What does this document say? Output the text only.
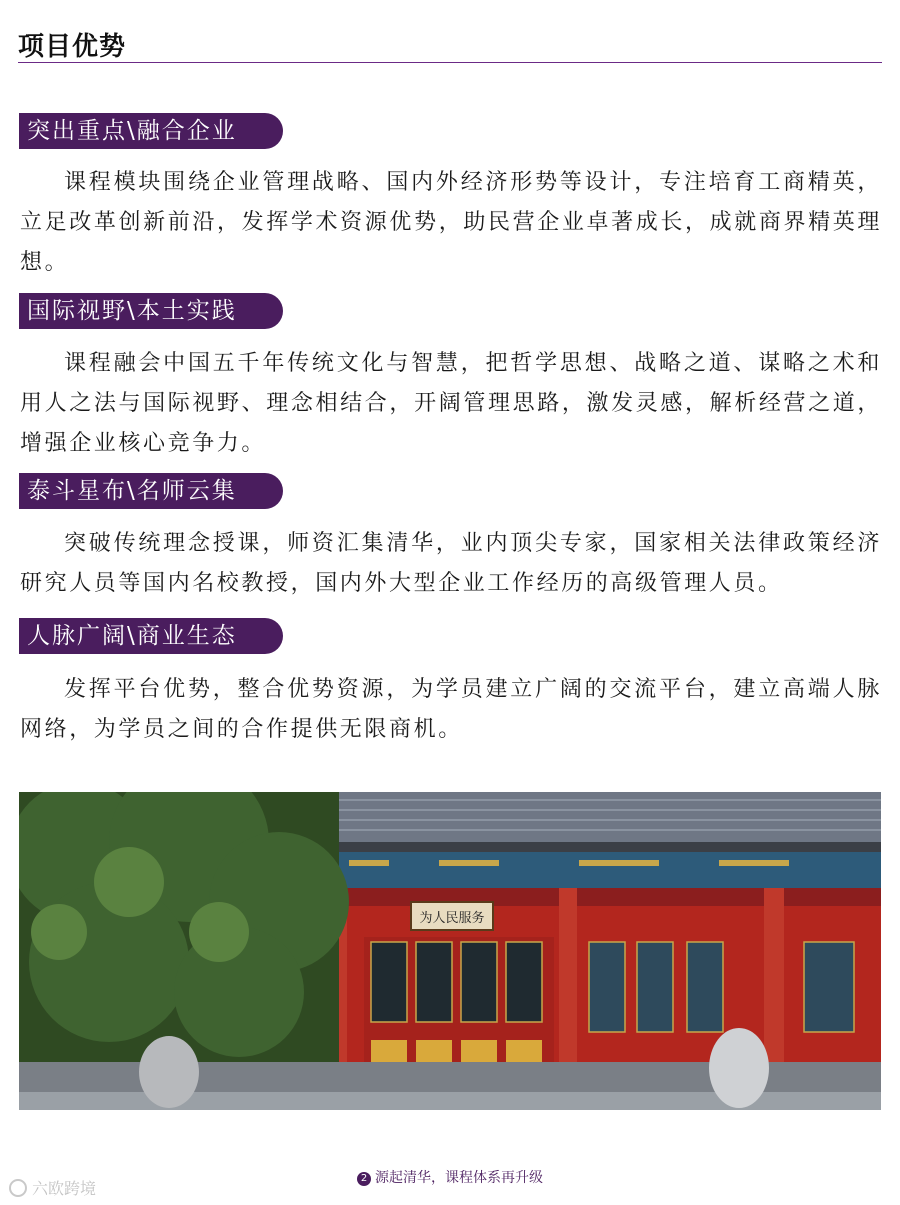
项目优势
突出重点\融合企业
课程模块围绕企业管理战略、国内外经济形势等设计，专注培育工商精英，立足改革创新前沿，发挥学术资源优势，助民营企业卓著成长，成就商界精英理想。
国际视野\本土实践
课程融会中国五千年传统文化与智慧，把哲学思想、战略之道、谋略之术和用人之法与国际视野、理念相结合，开阔管理思路，激发灵感，解析经营之道，增强企业核心竞争力。
泰斗星布\名师云集
突破传统理念授课，师资汇集清华，业内顶尖专家，国家相关法律政策经济研究人员等国内名校教授，国内外大型企业工作经历的高级管理人员。
人脉广阔\商业生态
发挥平台优势，整合优势资源，为学员建立广阔的交流平台，建立高端人脉网络，为学员之间的合作提供无限商机。
为人民服务
2 源起清华，课程体系再升级
六欧跨境
